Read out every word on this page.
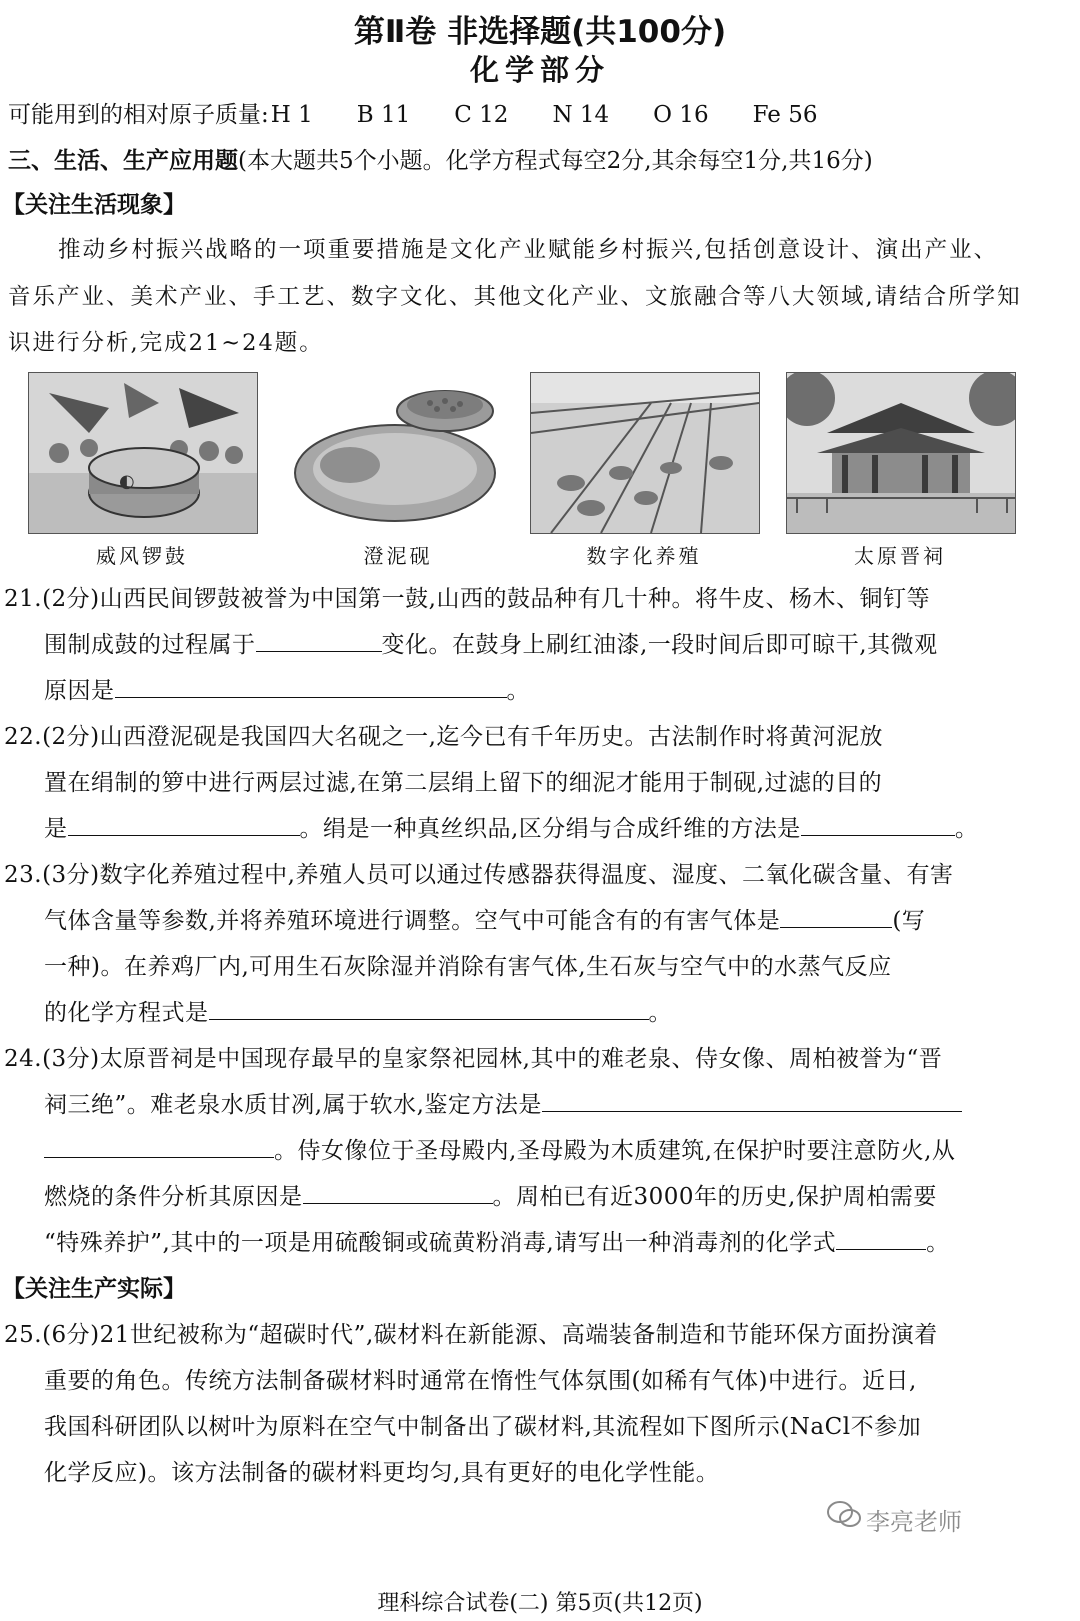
第Ⅱ卷 非选择题(共100分)
化学部分
可能用到的相对原子质量:H 1 B 11 C 12 N 14 O 16 Fe 56
三、生活、生产应用题(本大题共5个小题。化学方程式每空2分,其余每空1分,共16分)
【关注生活现象】
推动乡村振兴战略的一项重要措施是文化产业赋能乡村振兴,包括创意设计、演出产业、
音乐产业、美术产业、手工艺、数字文化、其他文化产业、文旅融合等八大领域,请结合所学知
识进行分析,完成21~24题。
◐
威风锣鼓	澄泥砚	数字化养殖	太原晋祠
21.(2分)山西民间锣鼓被誉为中国第一鼓,山西的鼓品种有几十种。将牛皮、杨木、铜钉等
围制成鼓的过程属于	变化。在鼓身上刷红油漆,一段时间后即可晾干,其微观
原因是	。
22.(2分)山西澄泥砚是我国四大名砚之一,迄今已有千年历史。古法制作时将黄河泥放
置在绢制的箩中进行两层过滤,在第二层绢上留下的细泥才能用于制砚,过滤的目的
是	。绢是一种真丝织品,区分绢与合成纤维的方法是	。
23.(3分)数字化养殖过程中,养殖人员可以通过传感器获得温度、湿度、二氧化碳含量、有害
气体含量等参数,并将养殖环境进行调整。空气中可能含有的有害气体是	(写
一种)。在养鸡厂内,可用生石灰除湿并消除有害气体,生石灰与空气中的水蒸气反应
的化学方程式是	。
24.(3分)太原晋祠是中国现存最早的皇家祭祀园林,其中的难老泉、侍女像、周柏被誉为“晋
祠三绝”。难老泉水质甘冽,属于软水,鉴定方法是
。侍女像位于圣母殿内,圣母殿为木质建筑,在保护时要注意防火,从
燃烧的条件分析其原因是	。周柏已有近3000年的历史,保护周柏需要
“特殊养护”,其中的一项是用硫酸铜或硫黄粉消毒,请写出一种消毒剂的化学式	。
【关注生产实际】
25.(6分)21世纪被称为“超碳时代”,碳材料在新能源、高端装备制造和节能环保方面扮演着
重要的角色。传统方法制备碳材料时通常在惰性气体氛围(如稀有气体)中进行。近日,
我国科研团队以树叶为原料在空气中制备出了碳材料,其流程如下图所示(NaCl不参加
化学反应)。该方法制备的碳材料更均匀,具有更好的电化学性能。
李亮老师
理科综合试卷(二) 第5页(共12页)
